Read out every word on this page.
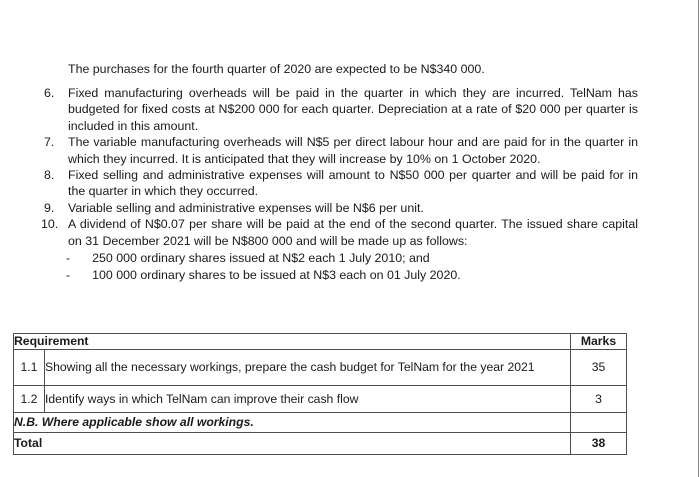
The purchases for the fourth quarter of 2020 are expected to be N$340 000.

6.	Fixed manufacturing overheads will be paid in the quarter in which they are incurred. TelNam has budgeted for fixed costs at N$200 000 for each quarter. Depreciation at a rate of $20 000 per quarter is included in this amount.
7.	The variable manufacturing overheads will N$5 per direct labour hour and are paid for in the quarter in which they incurred. It is anticipated that they will increase by 10% on 1 October 2020.
8.	Fixed selling and administrative expenses will amount to N$50 000 per quarter and will be paid for in the quarter in which they occurred.
9.	Variable selling and administrative expenses will be N$6 per unit.
10. A dividend of N$0.07 per share will be paid at the end of the second quarter. The issued share capital on 31 December 2021 will be N$800 000 and will be made up as follows:
-	250 000 ordinary shares issued at N$2 each 1 July 2010; and
-	100 000 ordinary shares to be issued at N$3 each on 01 July 2020.
Requirement		Marks
1.1	Showing all the necessary workings, prepare the cash budget for TelNam for the year 2021	35
1.2	Identify ways in which TelNam can improve their cash flow	3
N.B. Where applicable show all workings.		
Total		38
